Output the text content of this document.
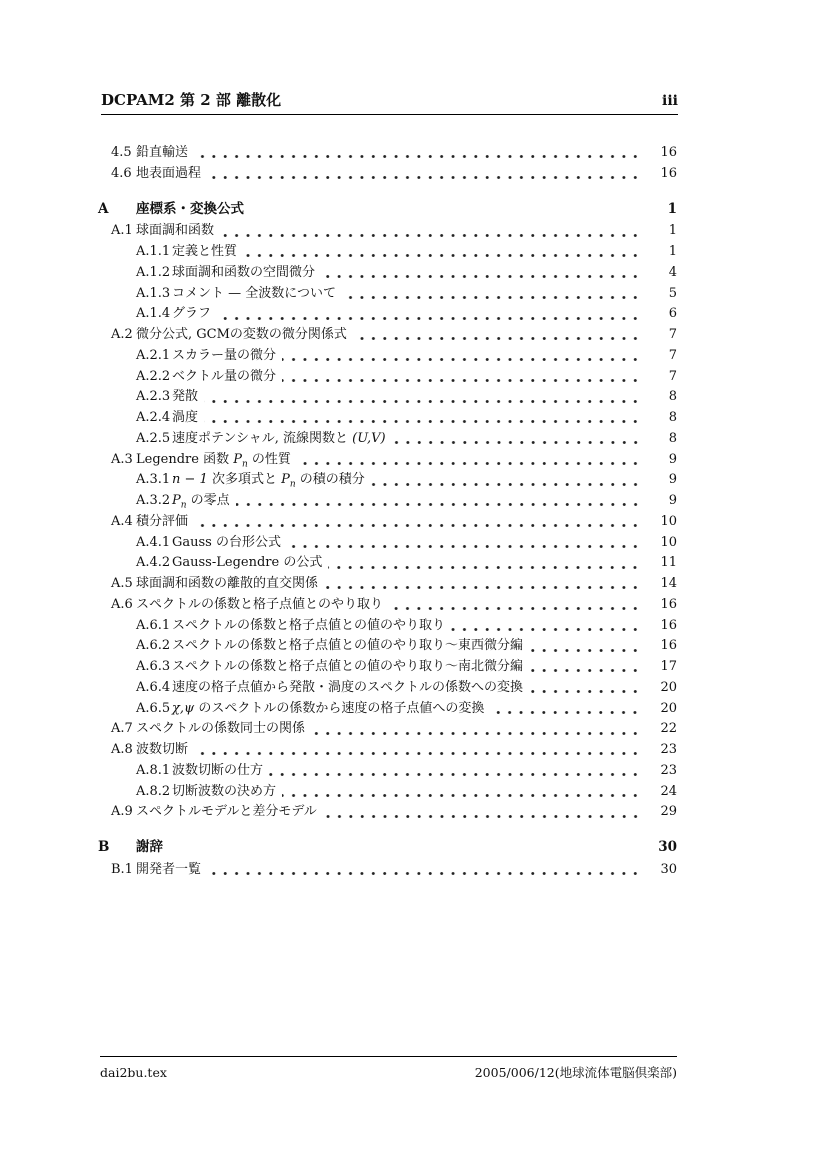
DCPAM2 第 2 部 離散化	iii
4.5 鉛直輸送	16
4.6 地表面過程	16
A	座標系・変換公式	1
A.1 球面調和函数	1
A.1.1 定義と性質	1
A.1.2 球面調和函数の空間微分	4
A.1.3 コメント — 全波数について	5
A.1.4 グラフ	6
A.2 微分公式, GCMの変数の微分関係式	7
A.2.1 スカラー量の微分	7
A.2.2 ベクトル量の微分	7
A.2.3 発散	8
A.2.4 渦度	8
A.2.5 速度ポテンシャル, 流線関数と (U,V)	8
A.3 Legendre 函数 $P_n$ の性質	9
A.3.1 n − 1 次多項式と $P_n$ の積の積分	9
A.3.2 $P_n$ の零点	9
A.4 積分評価	10
A.4.1 Gauss の台形公式	10
A.4.2 Gauss‑Legendre の公式	11
A.5 球面調和函数の離散的直交関係	14
A.6 スペクトルの係数と格子点値とのやり取り	16
A.6.1 スペクトルの係数と格子点値との値のやり取り	16
A.6.2 スペクトルの係数と格子点値との値のやり取り～東西微分編	16
A.6.3 スペクトルの係数と格子点値との値のやり取り～南北微分編	17
A.6.4 速度の格子点値から発散・渦度のスペクトルの係数への変換	20
A.6.5 χ,ψ のスペクトルの係数から速度の格子点値への変換	20
A.7 スペクトルの係数同士の関係	22
A.8 波数切断	23
A.8.1 波数切断の仕方	23
A.8.2 切断波数の決め方	24
A.9 スペクトルモデルと差分モデル	29
B	謝辞	30
B.1 開発者一覧	30
dai2bu.tex	2005/006/12(地球流体電脳倶楽部)
